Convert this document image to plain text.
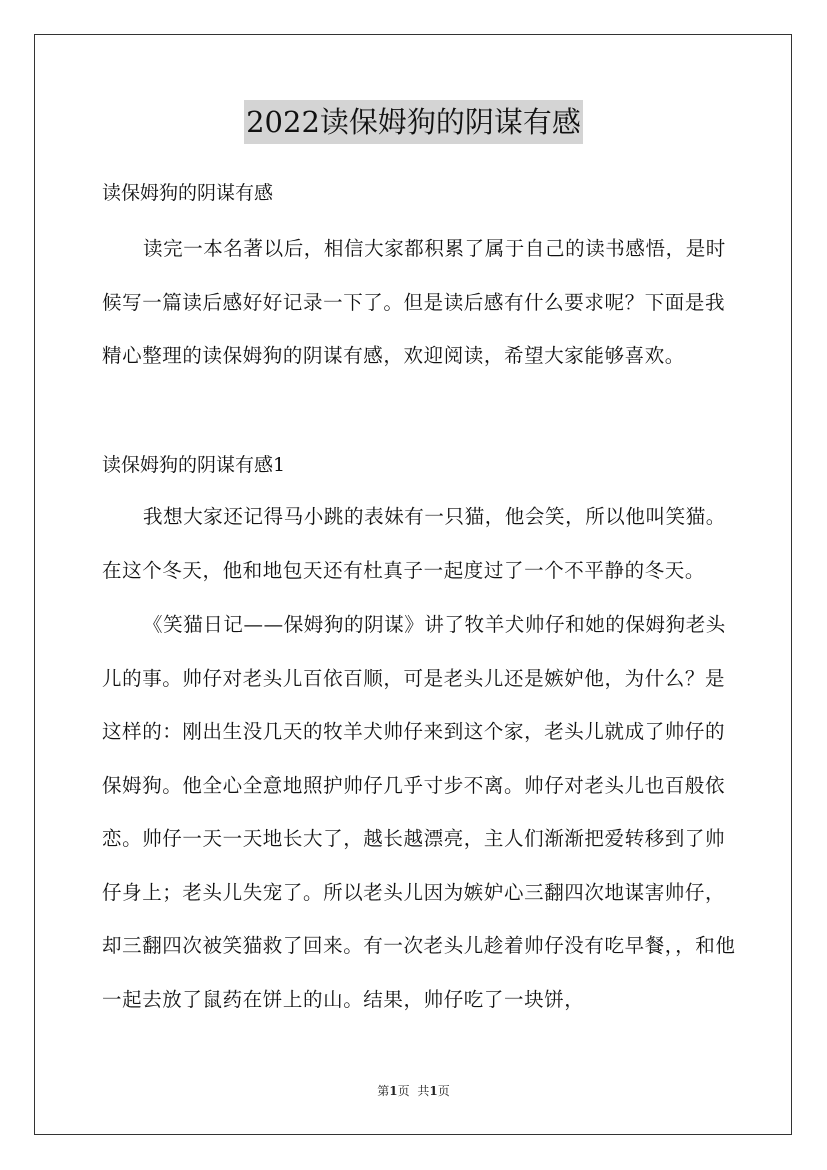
2022读保姆狗的阴谋有感
读保姆狗的阴谋有感

读完一本名著以后，相信大家都积累了属于自己的读书感悟，是时候写一篇读后感好好记录一下了。但是读后感有什么要求呢？下面是我精心整理的读保姆狗的阴谋有感，欢迎阅读，希望大家能够喜欢。

读保姆狗的阴谋有感1

我想大家还记得马小跳的表妹有一只猫，他会笑，所以他叫笑猫。在这个冬天，他和地包天还有杜真子一起度过了一个不平静的冬天。

《笑猫日记——保姆狗的阴谋》讲了牧羊犬帅仔和她的保姆狗老头儿的事。帅仔对老头儿百依百顺，可是老头儿还是嫉妒他，为什么？是这样的：刚出生没几天的牧羊犬帅仔来到这个家，老头儿就成了帅仔的保姆狗。他全心全意地照护帅仔几乎寸步不离。帅仔对老头儿也百般依恋。帅仔一天一天地长大了，越长越漂亮，主人们渐渐把爱转移到了帅仔身上；老头儿失宠了。所以老头儿因为嫉妒心三翻四次地谋害帅仔，却三翻四次被笑猫救了回来。有一次老头儿趁着帅仔没有吃早餐，，和他一起去放了鼠药在饼上的山。结果，帅仔吃了一块饼，

第1页 共1页
